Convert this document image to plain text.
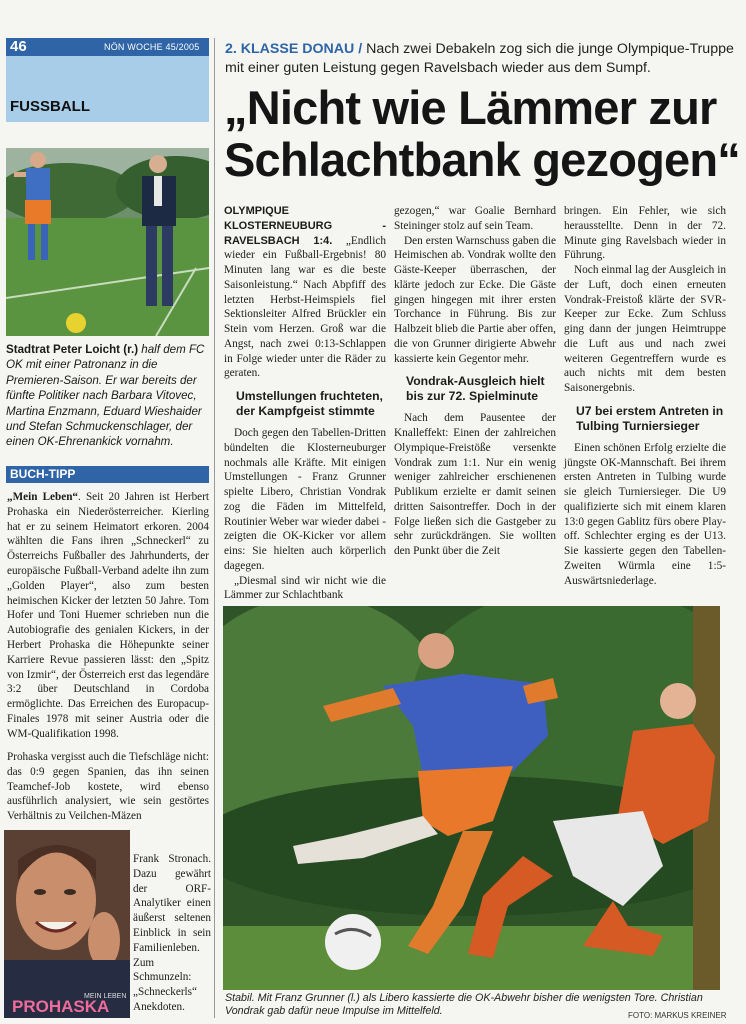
46	NÖN WOCHE 45/2005
FUSSBALL
Stadtrat Peter Loicht (r.) half dem FC OK mit einer Patronanz in die Premieren-Saison. Er war bereits der fünfte Politiker nach Barbara Vitovec, Martina Enzmann, Eduard Wieshaider und Stefan Schmuckenschlager, der einen OK-Ehrenankick vornahm.
BUCH-TIPP
„Mein Leben“. Seit 20 Jahren ist Herbert Prohaska ein Niederösterreicher. Kierling hat er zu seinem Heimatort erkoren. 2004 wählten die Fans ihren „Schneckerl“ zu Österreichs Fußballer des Jahrhunderts, der europäische Fußball-Verband adelte ihn zum „Golden Player“, also zum besten heimischen Kicker der letzten 50 Jahre. Tom Hofer und Toni Huemer schrieben nun die Autobiografie des genialen Kickers, in der Herbert Prohaska die Höhepunkte seiner Karriere Revue passieren lässt: den „Spitz von Izmir“, der Österreich erst das legendäre 3:2 über Deutschland in Cordoba ermöglichte. Das Erreichen des Europacup-Finales 1978 mit seiner Austria oder die WM-Qualifikation 1998.
Prohaska vergisst auch die Tiefschläge nicht: das 0:9 gegen Spanien, das ihn seinen Teamchef-Job kostete, wird ebenso ausführlich analysiert, wie sein gestörtes Verhältnis zu Veilchen-Mäzen
MEIN LEBEN
PROHASKA
Frank Stronach. Dazu gewährt der ORF-Analytiker einen äußerst seltenen Einblick in sein Familienleben. Zum Schmunzeln: „Schneckerls“ Anekdoten.
2. KLASSE DONAU / Nach zwei Debakeln zog sich die junge Olympique-Truppe mit einer guten Leistung gegen Ravelsbach wieder aus dem Sumpf.
„Nicht wie Lämmer zur
Schlachtbank gezogen“

OLYMPIQUE KLOSTERNEUBURG - RAVELSBACH 1:4. „Endlich wieder ein Fußball-Ergebnis! 80 Minuten lang war es die beste Saisonleistung.“ Nach Abpfiff des letzten Herbst-Heimspiels fiel Sektionsleiter Alfred Brückler ein Stein vom Herzen. Groß war die Angst, nach zwei 0:13-Schlappen in Folge wieder unter die Räder zu geraten.

Umstellungen fruchteten, der Kampfgeist stimmte

Doch gegen den Tabellen-Dritten bündelten die Klosterneuburger nochmals alle Kräfte. Mit einigen Umstellungen - Franz Grunner spielte Libero, Christian Vondrak zog die Fäden im Mittelfeld, Routinier Weber war wieder dabei - zeigten die OK-Kicker vor allem eins: Sie hielten auch körperlich dagegen.

„Diesmal sind wir nicht wie die Lämmer zur Schlachtbank

gezogen,“ war Goalie Bernhard Steininger stolz auf sein Team.

Den ersten Warnschuss gaben die Heimischen ab. Vondrak wollte den Gäste-Keeper überraschen, der klärte jedoch zur Ecke. Die Gäste gingen hingegen mit ihrer ersten Torchance in Führung. Bis zur Halbzeit blieb die Partie aber offen, die von Grunner dirigierte Abwehr kassierte kein Gegentor mehr.

Vondrak-Ausgleich hielt bis zur 72. Spielminute

Nach dem Pausentee der Knalleffekt: Einen der zahlreichen Olympique-Freistöße versenkte Vondrak zum 1:1. Nur ein wenig weniger zahlreicher erschienenen Publikum erzielte er damit seinen dritten Saisontreffer. Doch in der Folge ließen sich die Gastgeber zu sehr zurückdrängen. Sie wollten den Punkt über die Zeit

bringen. Ein Fehler, wie sich herausstellte. Denn in der 72. Minute ging Ravelsbach wieder in Führung.

Noch einmal lag der Ausgleich in der Luft, doch einen erneuten Vondrak-Freistoß klärte der SVR-Keeper zur Ecke. Zum Schluss ging dann der jungen Heimtruppe die Luft aus und nach zwei weiteren Gegentreffern wurde es auch nichts mit dem besten Saisonergebnis.

U7 bei erstem Antreten in Tulbing Turniersieger

Einen schönen Erfolg erzielte die jüngste OK-Mannschaft. Bei ihrem ersten Antreten in Tulbing wurde sie gleich Turniersieger. Die U9 qualifizierte sich mit einem klaren 13:0 gegen Gablitz fürs obere Play-off. Schlechter erging es der U13. Sie kassierte gegen den Tabellen-Zweiten Würmla eine 1:5-Auswärtsniederlage.

Stabil. Mit Franz Grunner (l.) als Libero kassierte die OK-Abwehr bisher die wenigsten Tore. Christian Vondrak gab dafür neue Impulse im Mittelfeld.	FOTO: MARKUS KREINER
